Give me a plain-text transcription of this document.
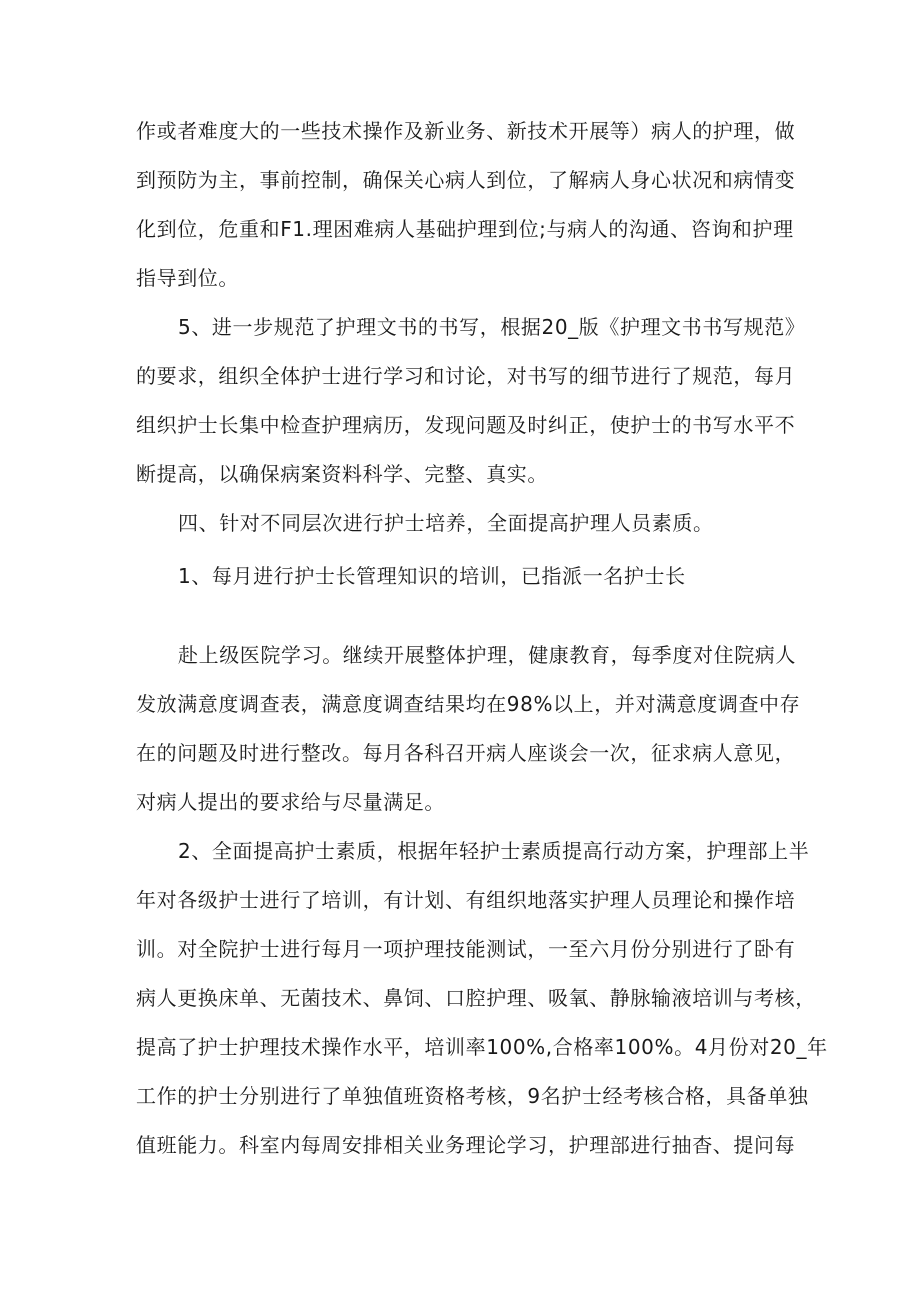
作或者难度大的一些技术操作及新业务、新技术开展等）病人的护理，做
到预防为主，事前控制，确保关心病人到位，了解病人身心状况和病情变
化到位，危重和F1.理困难病人基础护理到位;与病人的沟通、咨询和护理
指导到位。
5、进一步规范了护理文书的书写，根据20_版《护理文书书写规范》
的要求，组织全体护士进行学习和讨论，对书写的细节进行了规范，每月
组织护士长集中检查护理病历，发现问题及时纠正，使护士的书写水平不
断提高，以确保病案资料科学、完整、真实。
四、针对不同层次进行护士培养，全面提高护理人员素质。
1、每月进行护士长管理知识的培训，已指派一名护士长
赴上级医院学习。继续开展整体护理，健康教育，每季度对住院病人
发放满意度调查表，满意度调查结果均在98%以上，并对满意度调查中存
在的问题及时进行整改。每月各科召开病人座谈会一次，征求病人意见，
对病人提出的要求给与尽量满足。
2、全面提高护士素质，根据年轻护士素质提高行动方案，护理部上半
年对各级护士进行了培训，有计划、有组织地落实护理人员理论和操作培
训。对全院护士进行每月一项护理技能测试，一至六月份分别进行了卧有
病人更换床单、无菌技术、鼻饲、口腔护理、吸氧、静脉输液培训与考核，
提高了护士护理技术操作水平，培训率100%,合格率100%。4月份对20_年
工作的护士分别进行了单独值班资格考核，9名护士经考核合格，具备单独
值班能力。科室内每周安排相关业务理论学习，护理部进行抽杳、提问每
